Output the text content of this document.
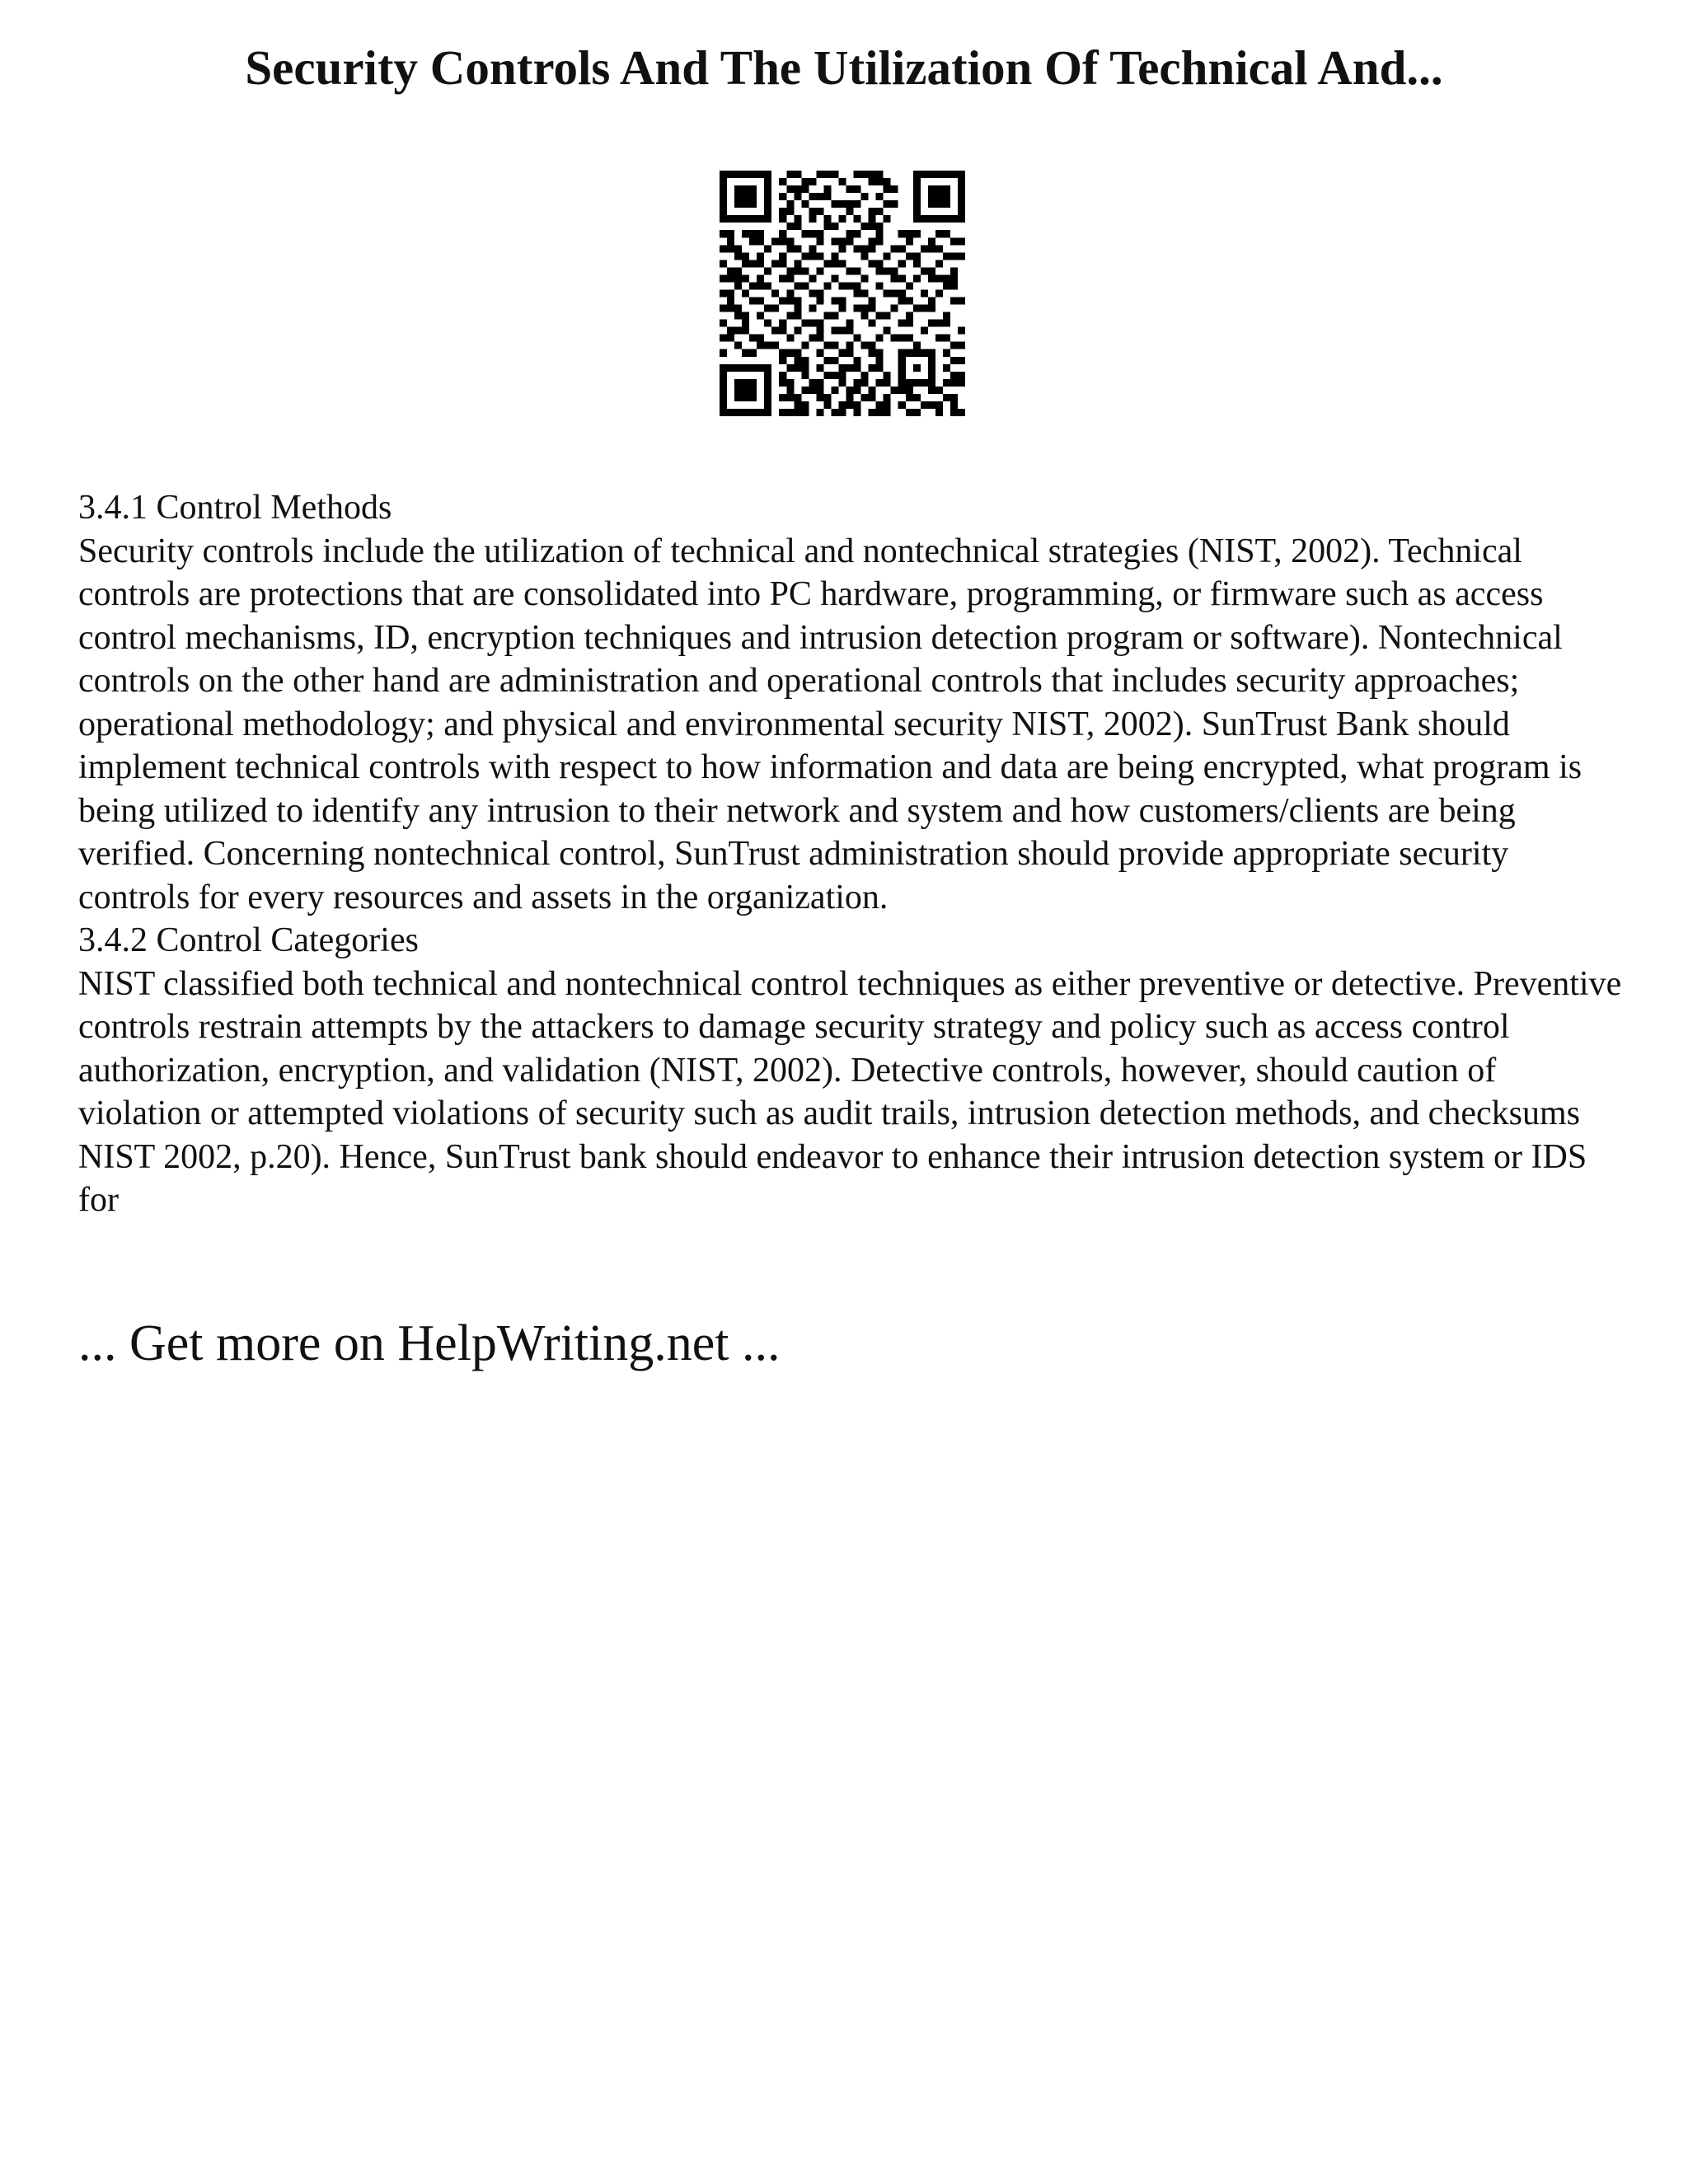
Security Controls And The Utilization Of Technical And...

3.4.1 Control Methods

Security controls include the utilization of technical and nontechnical strategies (NIST, 2002). Technical controls are protections that are consolidated into PC hardware, programming, or firmware such as access control mechanisms, ID, encryption techniques and intrusion detection program or software). Nontechnical controls on the other hand are administration and operational controls that includes security approaches; operational methodology; and physical and environmental security NIST, 2002). SunTrust Bank should implement technical controls with respect to how information and data are being encrypted, what program is being utilized to identify any intrusion to their network and system and how customers/clients are being verified. Concerning nontechnical control, SunTrust administration should provide appropriate security controls for every resources and assets in the organization.

3.4.2 Control Categories

NIST classified both technical and nontechnical control techniques as either preventive or detective. Preventive controls restrain attempts by the attackers to damage security strategy and policy such as access control authorization, encryption, and validation (NIST, 2002). Detective controls, however, should caution of violation or attempted violations of security such as audit trails, intrusion detection methods, and checksums NIST 2002, p.20). Hence, SunTrust bank should endeavor to enhance their intrusion detection system or IDS for

... Get more on HelpWriting.net ...
